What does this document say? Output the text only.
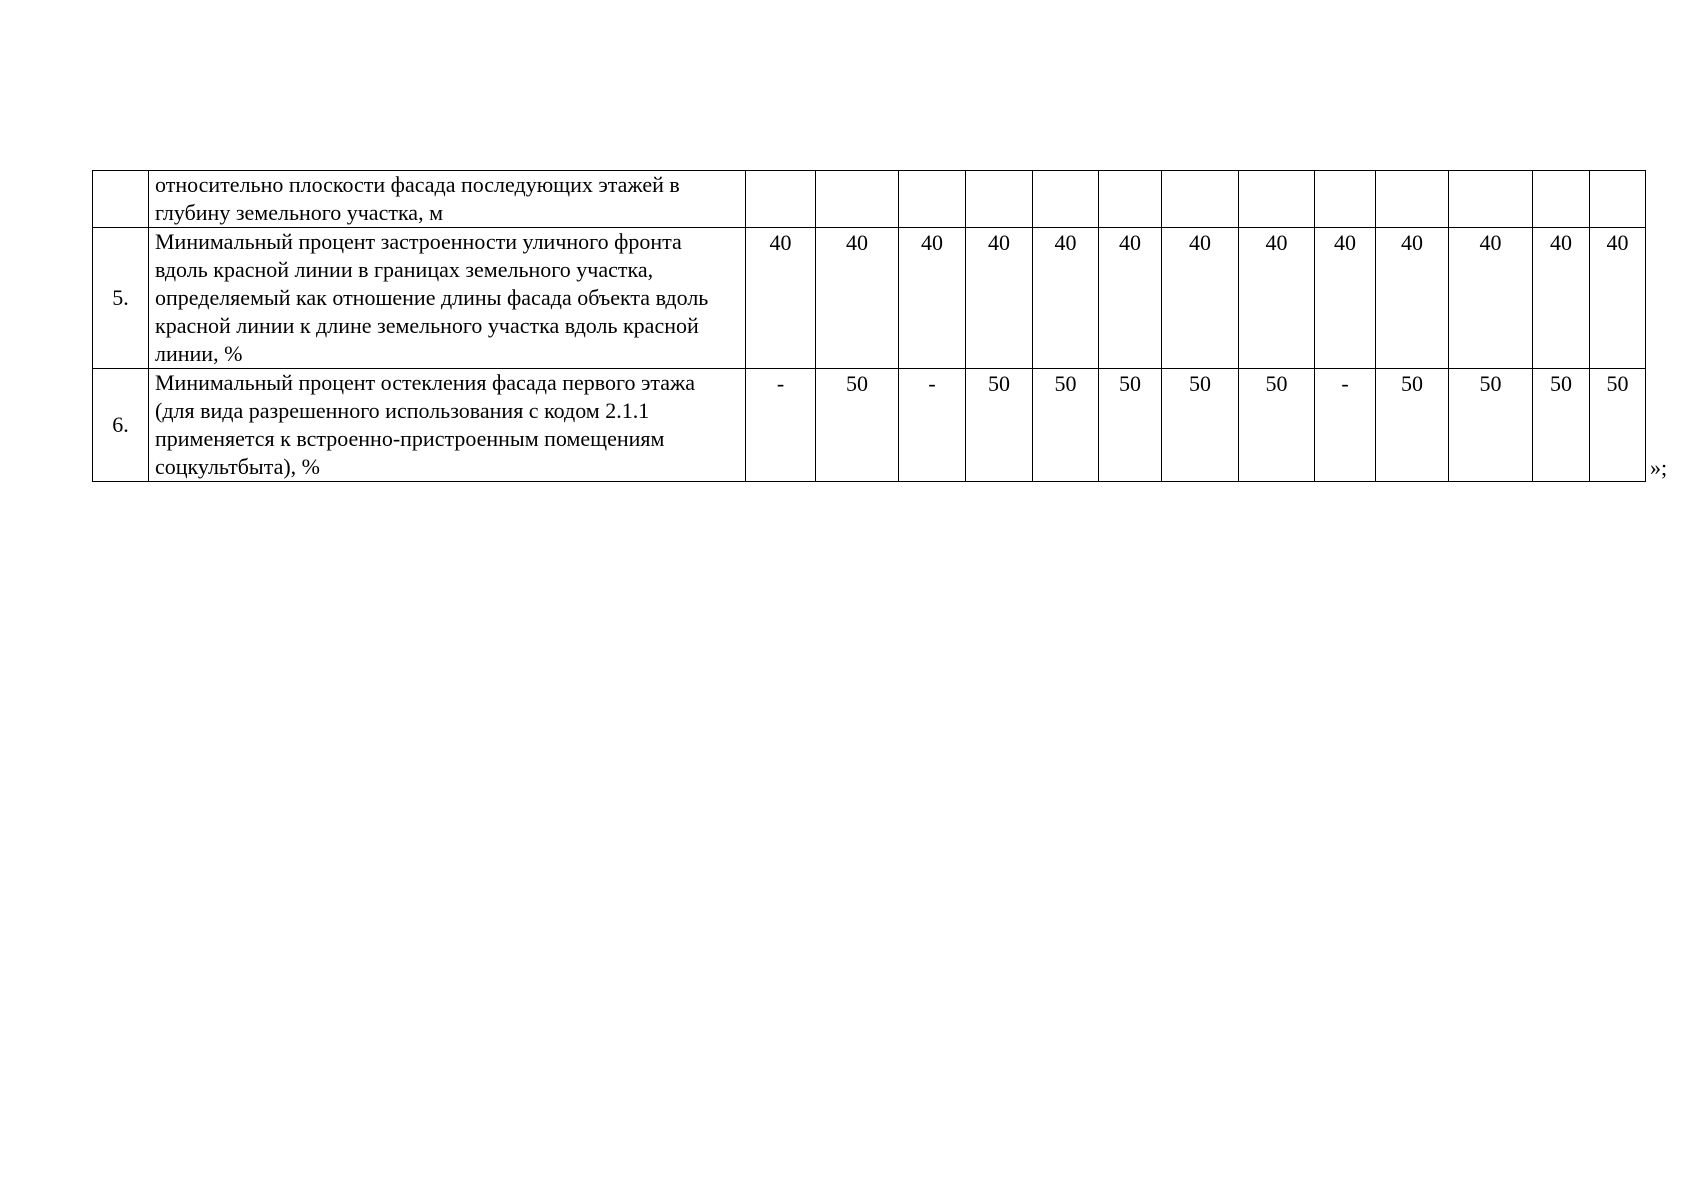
	относительно плоскости фасада последующих этажей в глубину земельного участка, м													
5.	Минимальный процент застроенности уличного фронта вдоль красной линии в границах земельного участка, определяемый как отношение длины фасада объекта вдоль красной линии к длине земельного участка вдоль красной линии, %	40	40	40	40	40	40	40	40	40	40	40	40	40
6.	Минимальный процент остекления фасада первого этажа (для вида разрешенного использования с кодом 2.1.1 применяется к встроенно-пристроенным помещениям соцкультбыта), %	-	50	-	50	50	50	50	50	-	50	50	50	50
»;
